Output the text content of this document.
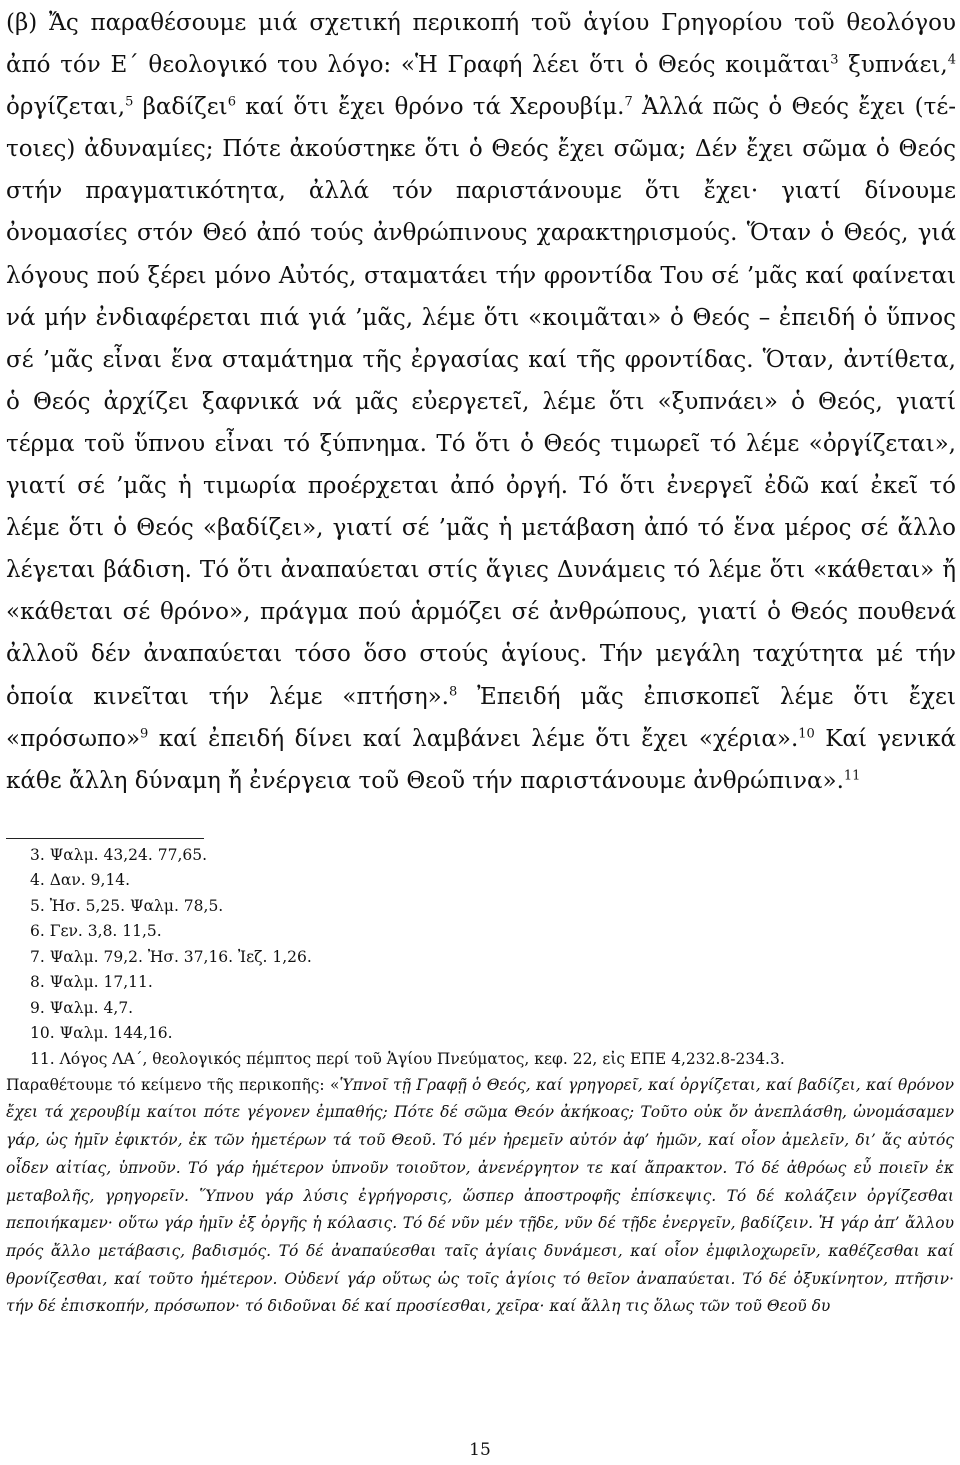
(β) Ἄς παραθέσουμε μιά σχετική περικοπή τοῦ ἁγίου Γρηγορίου τοῦ θεολόγου ἀπό τόν Ε΄ θεολογικό του λόγο: «Ἡ Γραφή λέει ὅτι ὁ Θεός κοιμᾶται$^3$ ξυπνάει,$^4$ ὀργίζεται,$^5$ βαδίζει$^6$ καί ὅτι ἔχει θρόνο τά Χερουβίμ.$^7$ Ἀλλά πῶς ὁ Θεός ἔχει (τέτοιες) ἀδυναμίες; Πότε ἀκούστηκε ὅτι ὁ Θεός ἔχει σῶμα; Δέν ἔχει σῶμα ὁ Θεός στήν πραγματικότητα, ἀλλά τόν παριστάνουμε ὅτι ἔχει· γιατί δίνουμε ὀνομασίες στόν Θεό ἀπό τούς ἀνθρώπινους χαρακτηρισμούς. Ὅταν ὁ Θεός, γιά λόγους πού ξέρει μόνο Αὐτός, σταματάει τήν φροντίδα Του σέ ’μᾶς καί φαίνεται νά μήν ἐνδιαφέρεται πιά γιά ’μᾶς, λέμε ὅτι «κοιμᾶται» ὁ Θεός – ἐπειδή ὁ ὕπνος σέ ’μᾶς εἶναι ἕνα σταμάτημα τῆς ἐργασίας καί τῆς φροντίδας. Ὅταν, ἀντίθετα, ὁ Θεός ἀρχίζει ξαφνικά νά μᾶς εὐεργετεῖ, λέμε ὅτι «ξυπνάει» ὁ Θεός, γιατί τέρμα τοῦ ὕπνου εἶναι τό ξύπνημα. Τό ὅτι ὁ Θεός τιμωρεῖ τό λέμε «ὀργίζεται», γιατί σέ ’μᾶς ἡ τιμωρία προέρχεται ἀπό ὀργή. Τό ὅτι ἐνεργεῖ ἐδῶ καί ἐκεῖ τό λέμε ὅτι ὁ Θεός «βαδίζει», γιατί σέ ’μᾶς ἡ μετάβαση ἀπό τό ἕνα μέρος σέ ἄλλο λέγεται βάδιση. Τό ὅτι ἀναπαύεται στίς ἅγιες Δυνάμεις τό λέμε ὅτι «κάθεται» ἤ «κάθεται σέ θρόνο», πράγμα πού ἁρμόζει σέ ἀνθρώπους, γιατί ὁ Θεός πουθενά ἀλλοῦ δέν ἀναπαύεται τόσο ὅσο στούς ἁγίους. Τήν μεγάλη ταχύτητα μέ τήν ὁποία κινεῖται τήν λέμε «πτήση».$^8$ Ἐπειδή μᾶς ἐπισκοπεῖ λέμε ὅτι ἔχει «πρόσωπο»$^9$ καί ἐπειδή δίνει καί λαμβάνει λέμε ὅτι ἔχει «χέρια».$^{10}$ Καί γενικά κάθε ἄλλη δύναμη ἤ ἐνέργεια τοῦ Θεοῦ τήν παριστάνουμε ἀνθρώπινα».$^{11}$

3. Ψαλμ. 43,24. 77,65.
4. Δαν. 9,14.
5. Ἠσ. 5,25. Ψαλμ. 78,5.
6. Γεν. 3,8. 11,5.
7. Ψαλμ. 79,2. Ἠσ. 37,16. Ἰεζ. 1,26.
8. Ψαλμ. 17,11.
9. Ψαλμ. 4,7.
10. Ψαλμ. 144,16.

11. Λόγος ΛΑ΄, θεολογικός πέμπτος περί τοῦ Ἁγίου Πνεύματος, κεφ. 22, εἰς ΕΠΕ 4,232.8-234.3.

Παραθέτουμε τό κείμενο τῆς περικοπῆς: «Ὑπνοῖ τῇ Γραφῇ ὁ Θεός, καί γρηγορεῖ, καί ὀργίζεται, καί βαδίζει, καί θρόνον ἔχει τά χερουβίμ καίτοι πότε γέγονεν ἐμπαθής; Πότε δέ σῶμα Θεόν ἀκήκοας; Τοῦτο οὐκ ὄν ἀνεπλάσθη, ὠνομάσαμεν γάρ, ὡς ἡμῖν ἐφικτόν, ἐκ τῶν ἡμετέρων τά τοῦ Θεοῦ. Τό μέν ἠρεμεῖν αὐτόν ἀφ’ ἡμῶν, καί οἷον ἀμελεῖν, δι’ ἅς αὐτός οἶδεν αἰτίας, ὑπνοῦν. Τό γάρ ἡμέτερον ὑπνοῦν τοιοῦτον, ἀνενέργητον τε καί ἄπρακτον. Τό δέ ἀθρόως εὖ ποιεῖν ἐκ μεταβολῆς, γρηγορεῖν. Ὕπνου γάρ λύσις ἐγρήγορσις, ὥσπερ ἀποστροφῆς ἐπίσκεψις. Τό δέ κολάζειν ὀργίζεσθαι πεποιήκαμεν· οὕτω γάρ ἡμῖν ἐξ ὀργῆς ἡ κόλασις. Τό δέ νῦν μέν τῇδε, νῦν δέ τῇδε ἐνεργεῖν, βαδίζειν. Ἡ γάρ ἀπ’ ἄλλου πρός ἄλλο μετάβασις, βαδισμός. Τό δέ ἀναπαύεσθαι ταῖς ἁγίαις δυνάμεσι, καί οἷον ἐμφιλοχωρεῖν, καθέζεσθαι καί θρονίζεσθαι, καί τοῦτο ἡμέτερον. Οὐδενί γάρ οὕτως ὡς τοῖς ἁγίοις τό θεῖον ἀναπαύεται. Τό δέ ὀξυκίνητον, πτῆσιν· τήν δέ ἐπισκοπήν, πρόσωπον· τό διδοῦναι δέ καί προσίεσθαι, χεῖρα· καί ἄλλη τις ὅλως τῶν τοῦ Θεοῦ δυ

15
